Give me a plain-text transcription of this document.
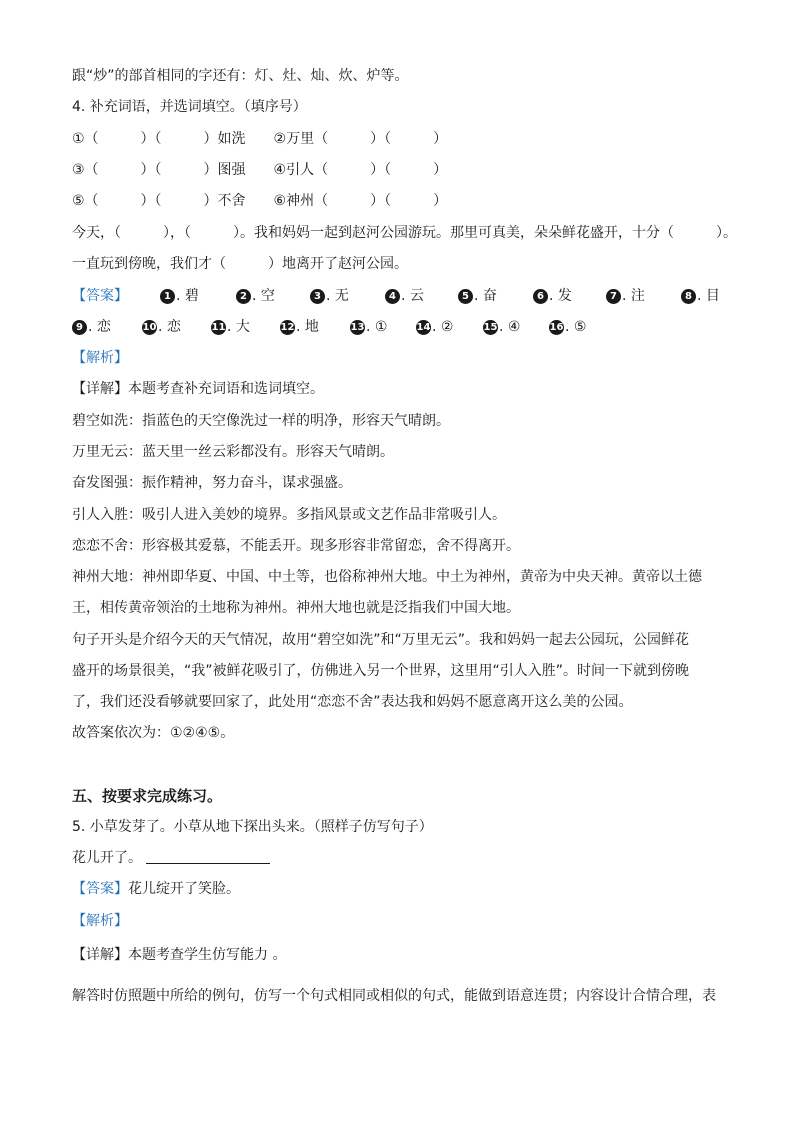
跟“炒”的部首相同的字还有：灯、灶、灿、炊、炉等。
4. 补充词语，并选词填空。（填序号）
①（　　　）（　　　）如洗　　②万里（　　　）（　　　）
③（　　　）（　　　）图强　　④引人（　　　）（　　　）
⑤（　　　）（　　　）不舍　　⑥神州（　　　）（　　　）
今天，（　　　），（　　　）。我和妈妈一起到赵河公园游玩。那里可真美，朵朵鲜花盛开，十分（　　　）。
一直玩到傍晚，我们才（　　　）地离开了赵河公园。
【答案】	1 . 碧	2 . 空	3 . 无	4 . 云	5 . 奋	6 . 发	7 . 注	8 . 目
9 . 恋	10 . 恋	11 . 大	12 . 地	13 . ①	14 . ②	15 . ④	16 . ⑤
【解析】
【详解】本题考查补充词语和选词填空。
碧空如洗：指蓝色的天空像洗过一样的明净，形容天气晴朗。
万里无云：蓝天里一丝云彩都没有。形容天气晴朗。
奋发图强：振作精神，努力奋斗，谋求强盛。
引人入胜：吸引人进入美妙的境界。多指风景或文艺作品非常吸引人。
恋恋不舍：形容极其爱慕，不能丢开。现多形容非常留恋，舍不得离开。
神州大地：神州即华夏、中国、中土等，也俗称神州大地。中土为神州，黄帝为中央天神。黄帝以土德
王，相传黄帝领治的土地称为神州。神州大地也就是泛指我们中国大地。
句子开头是介绍今天的天气情况，故用“碧空如洗”和“万里无云”。我和妈妈一起去公园玩，公园鲜花
盛开的场景很美，“我”被鲜花吸引了，仿佛进入另一个世界，这里用“引人入胜”。时间一下就到傍晚
了，我们还没看够就要回家了，此处用“恋恋不舍”表达我和妈妈不愿意离开这么美的公园。
故答案依次为：①②④⑤。
五、按要求完成练习。
5. 小草发芽了。小草从地下探出头来。（照样子仿写句子）
花儿开了。
【答案】花儿绽开了笑脸。
【解析】
【详解】本题考查学生仿写能力 。
解答时仿照题中所给的例句，仿写一个句式相同或相似的句式，能做到语意连贯；内容设计合情合理，表
